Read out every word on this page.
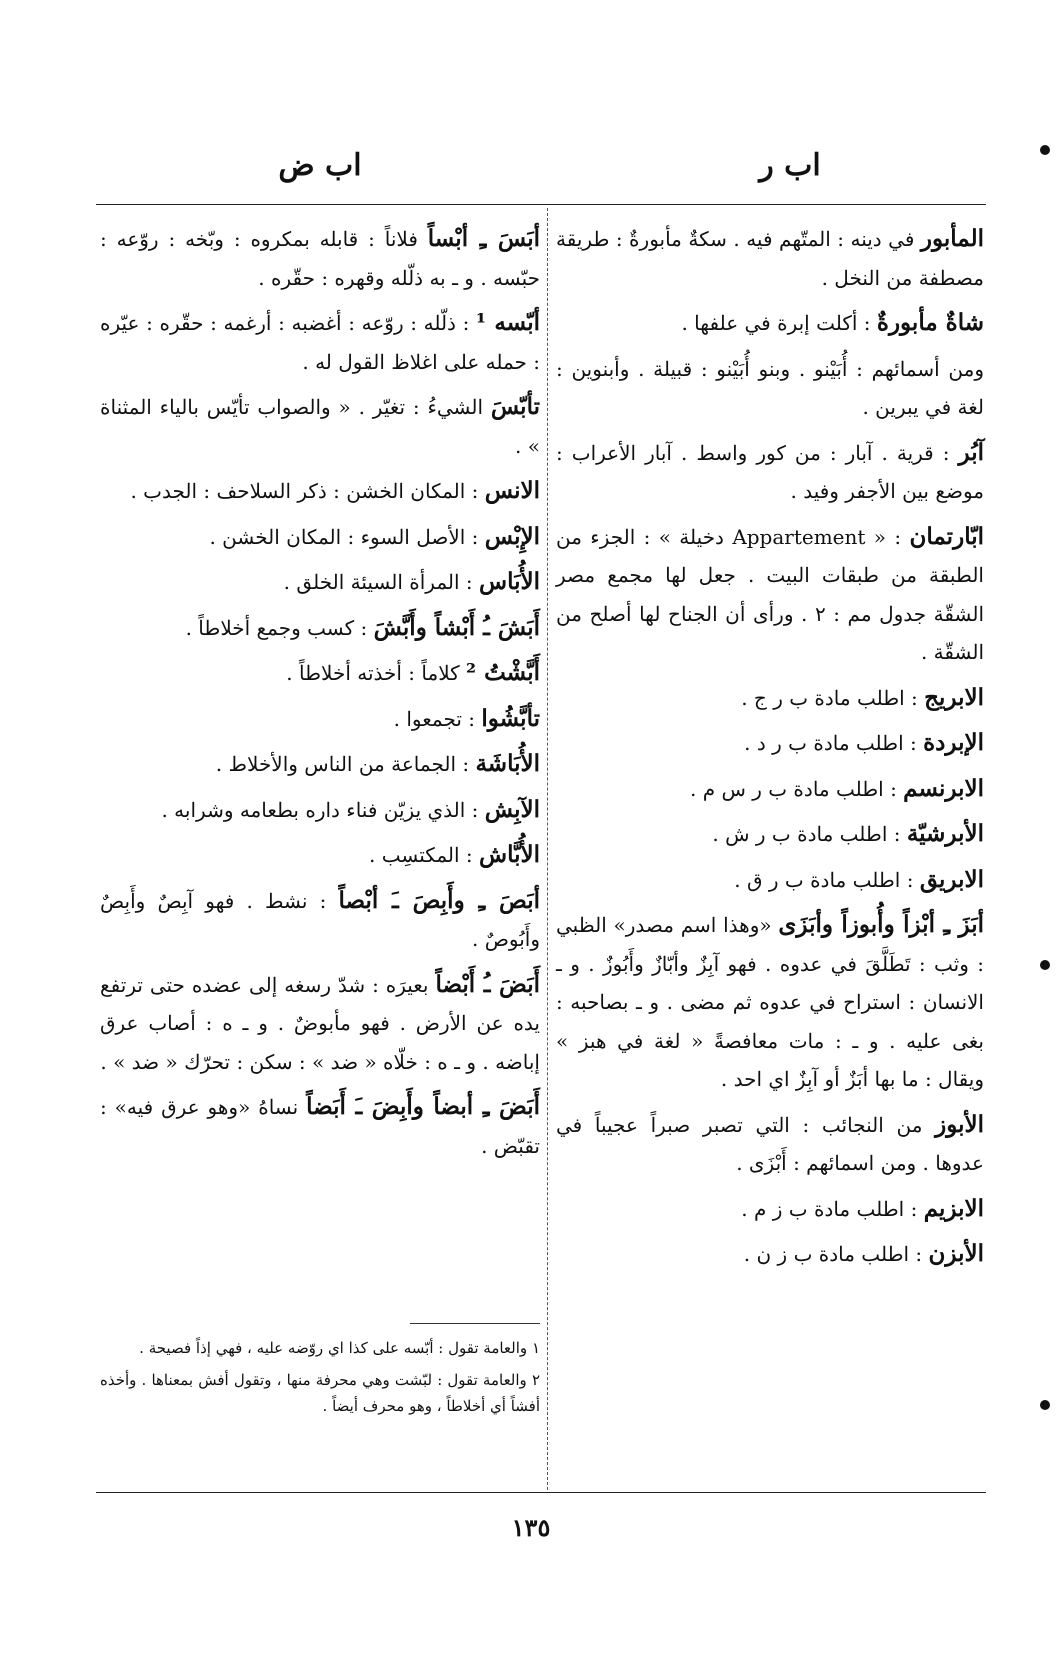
اب ر
اب ض
المأبور في دينه : المتّهم فيه . سكةٌ مأبورةٌ : طريقة مصطفة من النخل .
شاةٌ مأبورةٌ : أكلت إبرة في علفها .
ومن أسمائهم : أُبَيْنو . وبنو أُبَيْنو : قبيلة . وأبنوين : لغة في يبرين .
آبُر : قرية . آبار : من كور واسط . آبار الأعراب : موضع بين الأجفر وفيد .
ابّارتمان : « Appartement دخيلة » : الجزء من الطبقة من طبقات البيت . جعل لها مجمع مصر الشقّة جدول مم : ٢ . ورأى أن الجناح لها أصلح من الشقّة .
الابريج : اطلب مادة ب ر ج .
الإبردة : اطلب مادة ب ر د .
الابرنسم : اطلب مادة ب ر س م .
الأبرشيّة : اطلب مادة ب ر ش .
الابريق : اطلب مادة ب ر ق .
أبَزَ ـِ أبْزاً وأُبوزاً وأبَزَى «وهذا اسم مصدر» الظبي : وثب : تَطَلَّقَ في عدوه . فهو آبِزٌ وأبّازٌ وأَبُوزٌ . و ـ الانسان : استراح في عدوه ثم مضى . و ـ بصاحبه : بغى عليه . و ـ : مات معافصةً « لغة في هبز » ويقال : ما بها أبَزٌ أو آبِزٌ اي احد .
الأبوز من النجائب : التي تصبر صبراً عجيباً في عدوها . ومن اسمائهم : أَبْزَى .
الابزيم : اطلب مادة ب ز م .
الأبزن : اطلب مادة ب ز ن .
أبَسَ ـِ أبْساً فلاناً : قابله بمكروه : وبّخه : روّعه : حبّسه . و ـ به ذلّله وقهره : حقّره .
أبّسه ¹ : ذلّله : روّعه : أغضبه : أرغمه : حقّره : عيّره : حمله على اغلاظ القول له .
تأبّسَ الشيءُ : تغيّر . « والصواب تأيّس بالياء المثناة » .
الانس : المكان الخشن : ذكر السلاحف : الجدب .
الإِبْس : الأصل السوء : المكان الخشن .
الأُبَاس : المرأة السيئة الخلق .
أَبَشَ ـُ أَبْشاً وأَبَّشَ : كسب وجمع أخلاطاً .
أَبَّشْتُ ² كلاماً : أخذته أخلاطاً .
تأبَّشُوا : تجمعوا .
الأُبَاشَة : الجماعة من الناس والأخلاط .
الآبِش : الذي يزيّن فناء داره بطعامه وشرابه .
الأُبَّاش : المكتسِب .
أبَصَ ـِ وأَبِصَ ـَ أبْصاً : نشط . فهو آبِصٌ وأَبِصٌ وأَبُوصٌ .
أَبَضَ ـُ أَبْضاً بعيرَه : شدّ رسغه إلى عضده حتى ترتفع يده عن الأرض . فهو مأبوضٌ . و ـ ه : أصاب عرق إباضه . و ـ ه : خلّاه « ضد » : سكن : تحرّك « ضد » .
أَبَضَ ـِ أبضاً وأَبِضَ ـَ أَبَضاً نساهُ «وهو عرق فيه» : تقبّض .
١ والعامة تقول : أبّسه على كذا اي روّضه عليه ، فهي إذاً فصيحة .
٢ والعامة تقول : لبّشت وهي محرفة منها ، وتقول أفش بمعناها . وأخذه أفشاً أي أخلاطاً ، وهو محرف أيضاً .
١٣٥
